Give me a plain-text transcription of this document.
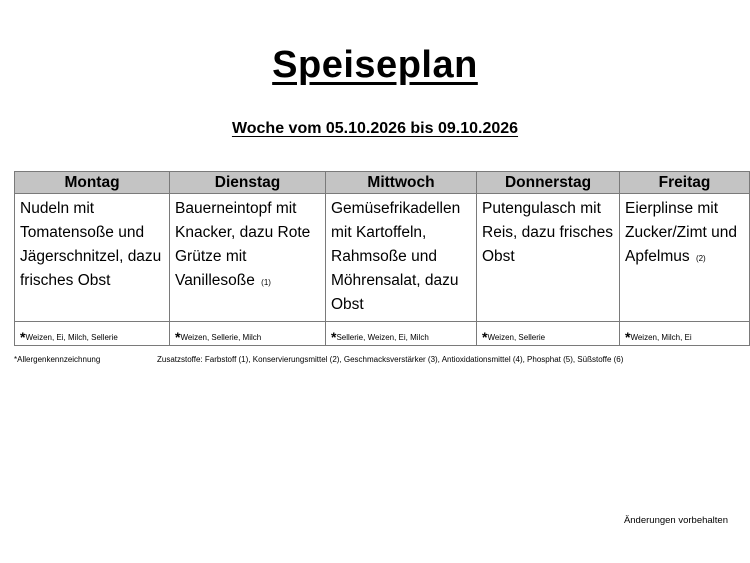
Speiseplan
Woche vom 05.10.2026 bis 09.10.2026
Montag	Dienstag	Mittwoch	Donnerstag	Freitag
Nudeln mit Tomatensoße und Jägerschnitzel, dazu frisches Obst	Bauerneintopf mit Knacker, dazu Rote Grütze mit Vanillesoße (1)	Gemüsefrikadellen mit Kartoffeln, Rahmsoße und Möhrensalat, dazu Obst	Putengulasch mit Reis, dazu frisches Obst	Eierplinse mit Zucker/Zimt und Apfelmus (2)
*Weizen, Ei, Milch, Sellerie	*Weizen, Sellerie, Milch	*Sellerie, Weizen, Ei, Milch	*Weizen, Sellerie	*Weizen, Milch, Ei
*Allergenkennzeichnung	Zusatzstoffe: Farbstoff (1), Konservierungsmittel (2), Geschmacksverstärker (3), Antioxidationsmittel (4), Phosphat (5), Süßstoffe (6)
Änderungen vorbehalten
